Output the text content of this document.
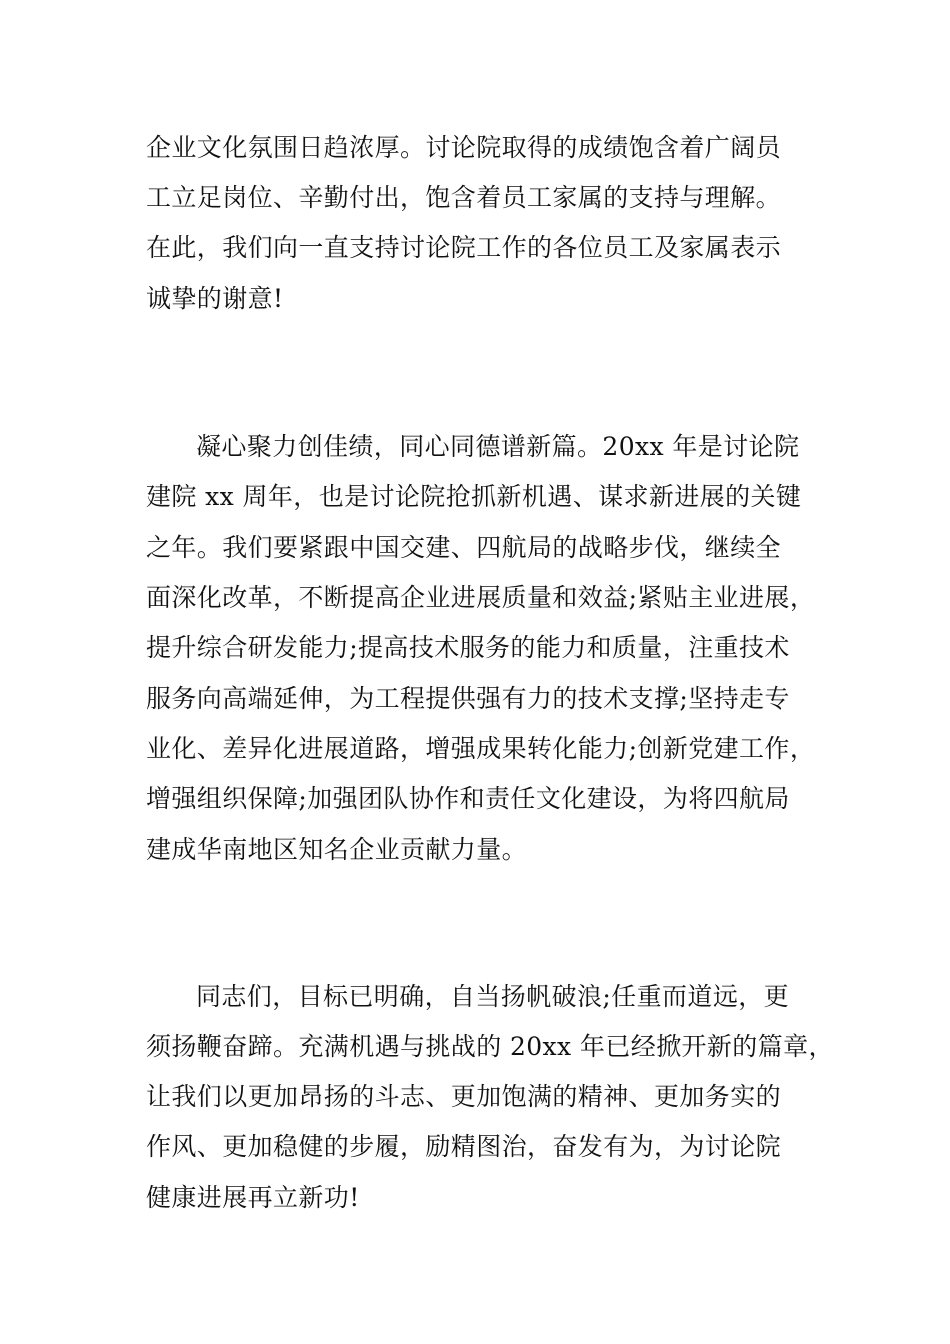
企业文化氛围日趋浓厚。讨论院取得的成绩饱含着广阔员
工立足岗位、辛勤付出，饱含着员工家属的支持与理解。
在此，我们向一直支持讨论院工作的各位员工及家属表示
诚挚的谢意!
凝心聚力创佳绩，同心同德谱新篇。20xx 年是讨论院
建院 xx 周年，也是讨论院抢抓新机遇、谋求新进展的关键
之年。我们要紧跟中国交建、四航局的战略步伐，继续全
面深化改革，不断提高企业进展质量和效益;紧贴主业进展，
提升综合研发能力;提高技术服务的能力和质量，注重技术
服务向高端延伸，为工程提供强有力的技术支撑;坚持走专
业化、差异化进展道路，增强成果转化能力;创新党建工作，
增强组织保障;加强团队协作和责任文化建设，为将四航局
建成华南地区知名企业贡献力量。
同志们，目标已明确，自当扬帆破浪;任重而道远，更
须扬鞭奋蹄。充满机遇与挑战的 20xx 年已经掀开新的篇章，
让我们以更加昂扬的斗志、更加饱满的精神、更加务实的
作风、更加稳健的步履，励精图治，奋发有为，为讨论院
健康进展再立新功!
